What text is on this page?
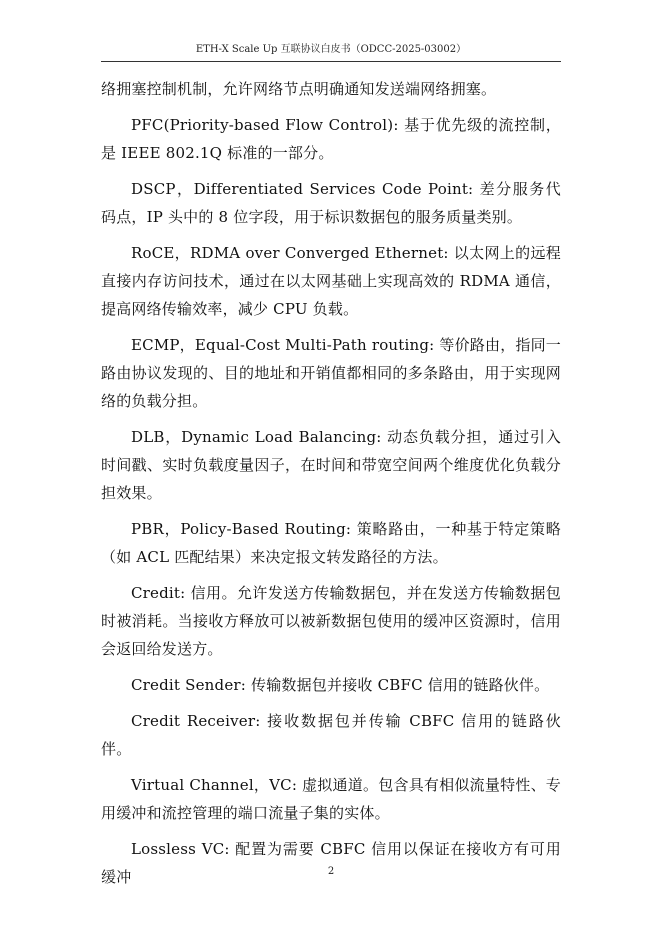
ETH-X Scale Up 互联协议白皮书（ODCC-2025-03002）

络拥塞控制机制，允许网络节点明确通知发送端网络拥塞。

PFC(Priority-based Flow Control): 基于优先级的流控制，是 IEEE 802.1Q 标准的一部分。

DSCP，Differentiated Services Code Point: 差分服务代码点，IP 头中的 8 位字段，用于标识数据包的服务质量类别。

RoCE，RDMA over Converged Ethernet: 以太网上的远程直接内存访问技术，通过在以太网基础上实现高效的 RDMA 通信，提高网络传输效率，减少 CPU 负载。

ECMP，Equal-Cost Multi-Path routing: 等价路由，指同一路由协议发现的、目的地址和开销值都相同的多条路由，用于实现网络的负载分担。

DLB，Dynamic Load Balancing: 动态负载分担，通过引入时间戳、实时负载度量因子，在时间和带宽空间两个维度优化负载分担效果。

PBR，Policy-Based Routing: 策略路由，一种基于特定策略（如 ACL 匹配结果）来决定报文转发路径的方法。

Credit: 信用。允许发送方传输数据包，并在发送方传输数据包时被消耗。当接收方释放可以被新数据包使用的缓冲区资源时，信用会返回给发送方。

Credit Sender: 传输数据包并接收 CBFC 信用的链路伙伴。

Credit Receiver: 接收数据包并传输 CBFC 信用的链路伙伴。

Virtual Channel，VC: 虚拟通道。包含具有相似流量特性、专用缓冲和流控管理的端口流量子集的实体。

Lossless VC: 配置为需要 CBFC 信用以保证在接收方有可用缓冲	2
